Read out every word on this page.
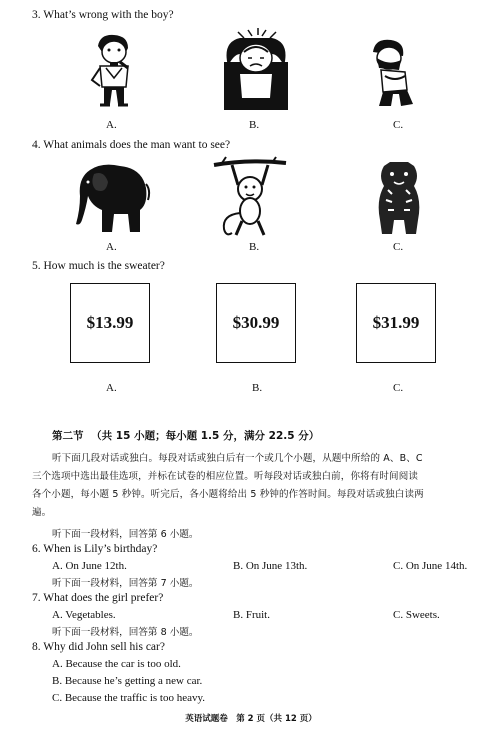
3. What’s wrong with the boy?
A.	B.	C.
4. What animals does the man want to see?
A.	B.	C.
5. How much is the sweater?
$13.99	$30.99	$31.99
A.	B.	C.
第二节 （共 15 小题；每小题 1.5 分，满分 22.5 分）
听下面几段对话或独白。每段对话或独白后有一个或几个小题，从题中所给的 A、B、C
三个选项中选出最佳选项，并标在试卷的相应位置。听每段对话或独白前，你将有时间阅读
各个小题，每小题 5 秒钟。听完后，各小题将给出 5 秒钟的作答时间。每段对话或独白读两
遍。
听下面一段材料，回答第 6 小题。
6. When is Lily’s birthday?
A. On June 12th.	B. On June 13th.	C. On June 14th.
听下面一段材料，回答第 7 小题。
7. What does the girl prefer?
A. Vegetables.	B. Fruit.	C. Sweets.
听下面一段材料，回答第 8 小题。
8. Why did John sell his car?
A. Because the car is too old.
B. Because he’s getting a new car.
C. Because the traffic is too heavy.
英语试题卷　第 2 页（共 12 页）
